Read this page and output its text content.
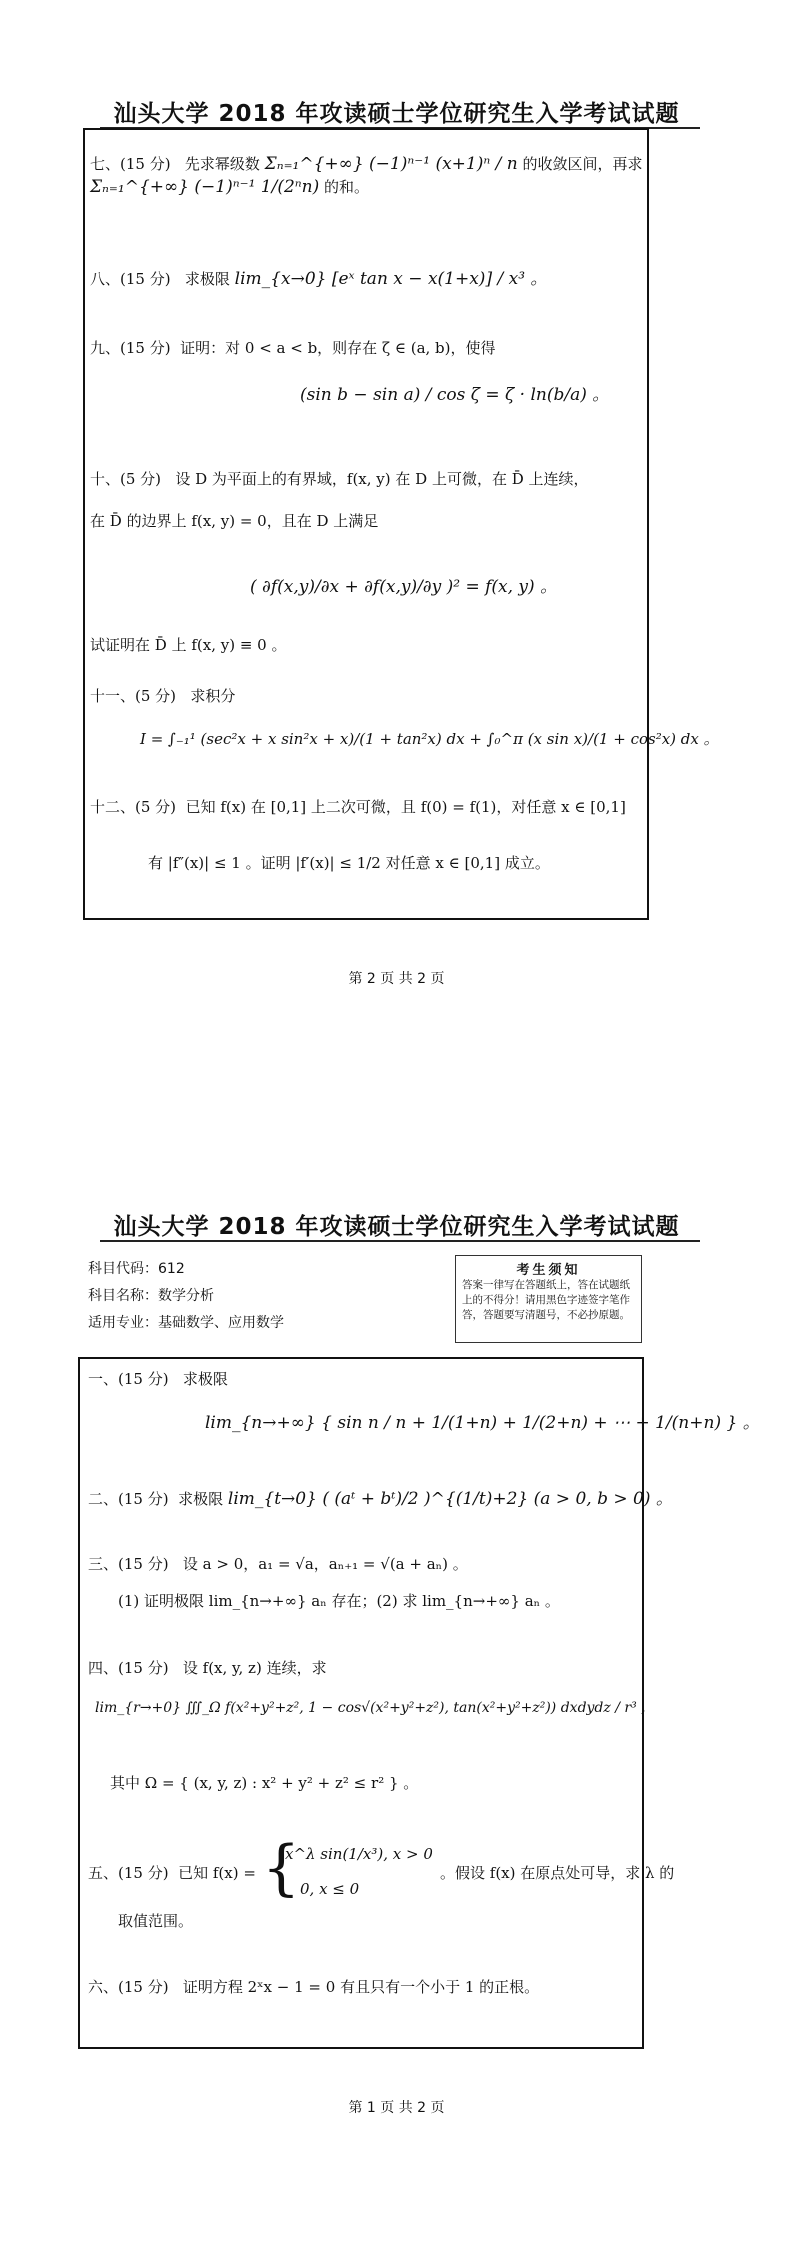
汕头大学 2018 年攻读硕士学位研究生入学考试试题
七、(15 分) 先求幂级数 Σₙ₌₁^{+∞} (−1)ⁿ⁻¹ (x+1)ⁿ / n 的收敛区间，再求
Σₙ₌₁^{+∞} (−1)ⁿ⁻¹ 1/(2ⁿn) 的和。
八、(15 分) 求极限 lim_{x→0} [eˣ tan x − x(1+x)] / x³ 。
九、(15 分) 证明：对 0 < a < b，则存在 ζ ∈ (a, b)，使得
(sin b − sin a) / cos ζ = ζ · ln(b/a) 。
十、(5 分) 设 D 为平面上的有界域，f(x, y) 在 D 上可微，在 D̄ 上连续，
在 D̄ 的边界上 f(x, y) = 0，且在 D 上满足
( ∂f(x,y)/∂x + ∂f(x,y)/∂y )² = f(x, y) 。
试证明在 D̄ 上 f(x, y) ≡ 0 。
十一、(5 分) 求积分
I = ∫₋₁¹ (sec²x + x sin²x + x)/(1 + tan²x) dx + ∫₀^π (x sin x)/(1 + cos²x) dx 。
十二、(5 分) 已知 f(x) 在 [0,1] 上二次可微，且 f(0) = f(1)，对任意 x ∈ [0,1]
有 |f″(x)| ≤ 1 。证明 |f′(x)| ≤ 1/2 对任意 x ∈ [0,1] 成立。
第 2 页 共 2 页
汕头大学 2018 年攻读硕士学位研究生入学考试试题
科目代码：612
科目名称：数学分析
适用专业：基础数学、应用数学
考生须知
答案一律写在答题纸上，答在试题纸上的不得分！请用黑色字迹签字笔作答，答题要写清题号，不必抄原题。
一、(15 分) 求极限
lim_{n→+∞} { sin n / n + 1/(1+n) + 1/(2+n) + ⋯ + 1/(n+n) } 。
二、(15 分) 求极限 lim_{t→0} ( (aᵗ + bᵗ)/2 )^{(1/t)+2} (a > 0, b > 0) 。
三、(15 分) 设 a > 0，a₁ = √a，aₙ₊₁ = √(a + aₙ) 。
(1) 证明极限 lim_{n→+∞} aₙ 存在；(2) 求 lim_{n→+∞} aₙ 。
四、(15 分) 设 f(x, y, z) 连续，求
lim_{r→+0} ∭_Ω f(x²+y²+z², 1 − cos√(x²+y²+z²), tan(x²+y²+z²)) dxdydz / r³ ,
其中 Ω = { (x, y, z) : x² + y² + z² ≤ r² } 。
五、(15 分) 已知 f(x) = {
x^λ sin(1/x³), x > 0
0, x ≤ 0
。假设 f(x) 在原点处可导，求 λ 的
取值范围。
六、(15 分) 证明方程 2ˣx − 1 = 0 有且只有一个小于 1 的正根。
第 1 页 共 2 页
